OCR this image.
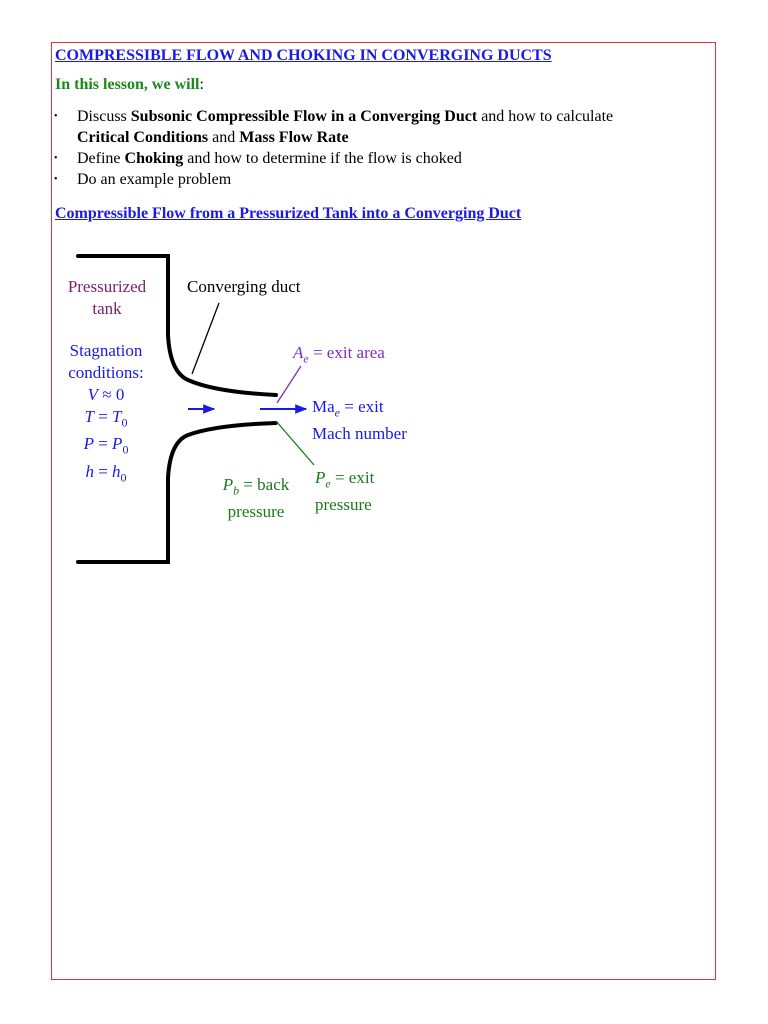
COMPRESSIBLE FLOW AND CHOKING IN CONVERGING DUCTS
In this lesson, we will:
• Discuss Subsonic Compressible Flow in a Converging Duct and how to calculate
Critical Conditions and Mass Flow Rate
• Define Choking and how to determine if the flow is choked
• Do an example problem
Compressible Flow from a Pressurized Tank into a Converging Duct
Pressurized
tank
Converging duct
Stagnation
conditions:
V ≈ 0
$T = T_0$
$P = P_0$
$h = h_0$
$A_e$ = exit area
$Ma_e$ = exit
Mach number
$P_e$ = exit
pressure
$P_b$ = back
pressure
